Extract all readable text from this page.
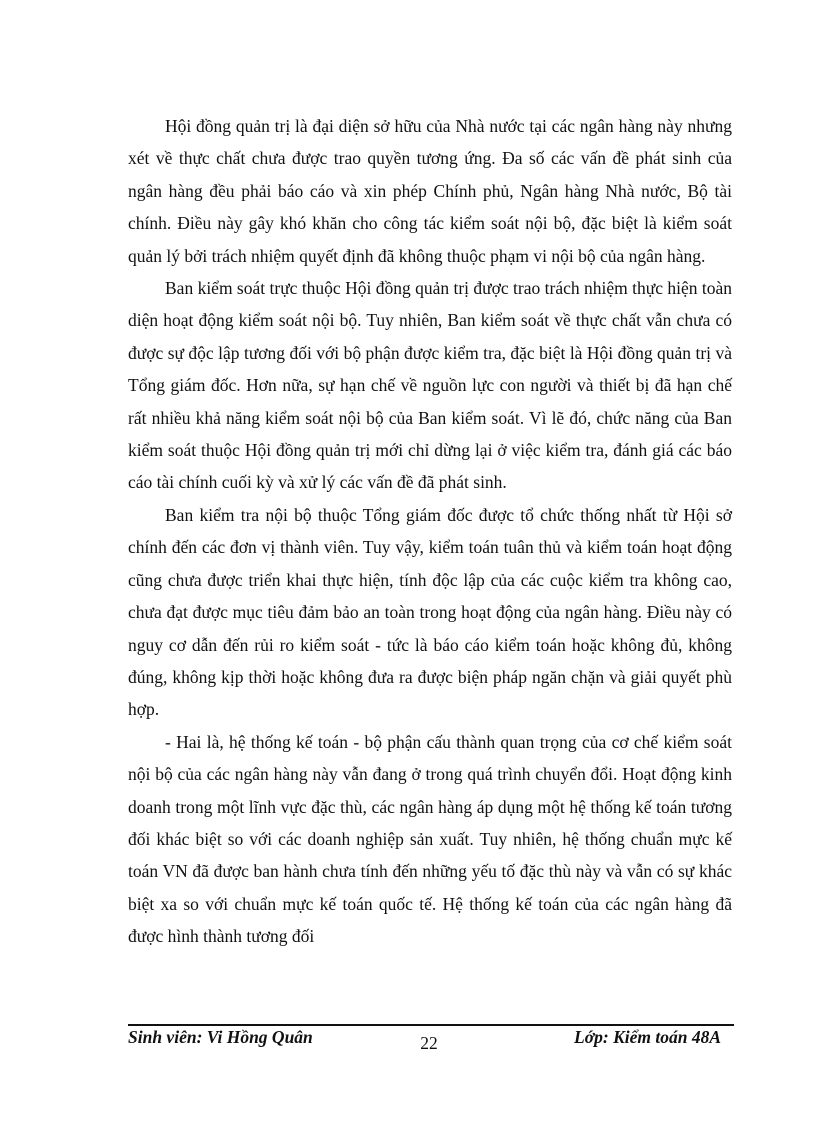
Hội đồng quản trị là đại diện sở hữu của Nhà nước tại các ngân hàng này nhưng xét về thực chất chưa được trao quyền tương ứng. Đa số các vấn đề phát sinh của ngân hàng đều phải báo cáo và xin phép Chính phủ, Ngân hàng Nhà nước, Bộ tài chính. Điều này gây khó khăn cho công tác kiểm soát nội bộ, đặc biệt là kiểm soát quản lý bởi trách nhiệm quyết định đã không thuộc phạm vi nội bộ của ngân hàng.

Ban kiểm soát trực thuộc Hội đồng quản trị được trao trách nhiệm thực hiện toàn diện hoạt động kiểm soát nội bộ. Tuy nhiên, Ban kiểm soát về thực chất vẫn chưa có được sự độc lập tương đối với bộ phận được kiểm tra, đặc biệt là Hội đồng quản trị và Tổng giám đốc. Hơn nữa, sự hạn chế về nguồn lực con người và thiết bị đã hạn chế rất nhiều khả năng kiểm soát nội bộ của Ban kiểm soát. Vì lẽ đó, chức năng của Ban kiểm soát thuộc Hội đồng quản trị mới chỉ dừng lại ở việc kiểm tra, đánh giá các báo cáo tài chính cuối kỳ và xử lý các vấn đề đã phát sinh.

Ban kiểm tra nội bộ thuộc Tổng giám đốc được tổ chức thống nhất từ Hội sở chính đến các đơn vị thành viên. Tuy vậy, kiểm toán tuân thủ và kiểm toán hoạt động cũng chưa được triển khai thực hiện, tính độc lập của các cuộc kiểm tra không cao, chưa đạt được mục tiêu đảm bảo an toàn trong hoạt động của ngân hàng. Điều này có nguy cơ dẫn đến rủi ro kiểm soát - tức là báo cáo kiểm toán hoặc không đủ, không đúng, không kịp thời hoặc không đưa ra được biện pháp ngăn chặn và giải quyết phù hợp.

- Hai là, hệ thống kế toán - bộ phận cấu thành quan trọng của cơ chế kiểm soát nội bộ của các ngân hàng này vẫn đang ở trong quá trình chuyển đổi. Hoạt động kinh doanh trong một lĩnh vực đặc thù, các ngân hàng áp dụng một hệ thống kế toán tương đối khác biệt so với các doanh nghiệp sản xuất. Tuy nhiên, hệ thống chuẩn mực kế toán VN đã được ban hành chưa tính đến những yếu tố đặc thù này và vẫn có sự khác biệt xa so với chuẩn mực kế toán quốc tế. Hệ thống kế toán của các ngân hàng đã được hình thành tương đối

Sinh viên: Vi Hồng Quân	22	Lớp: Kiểm toán 48A
